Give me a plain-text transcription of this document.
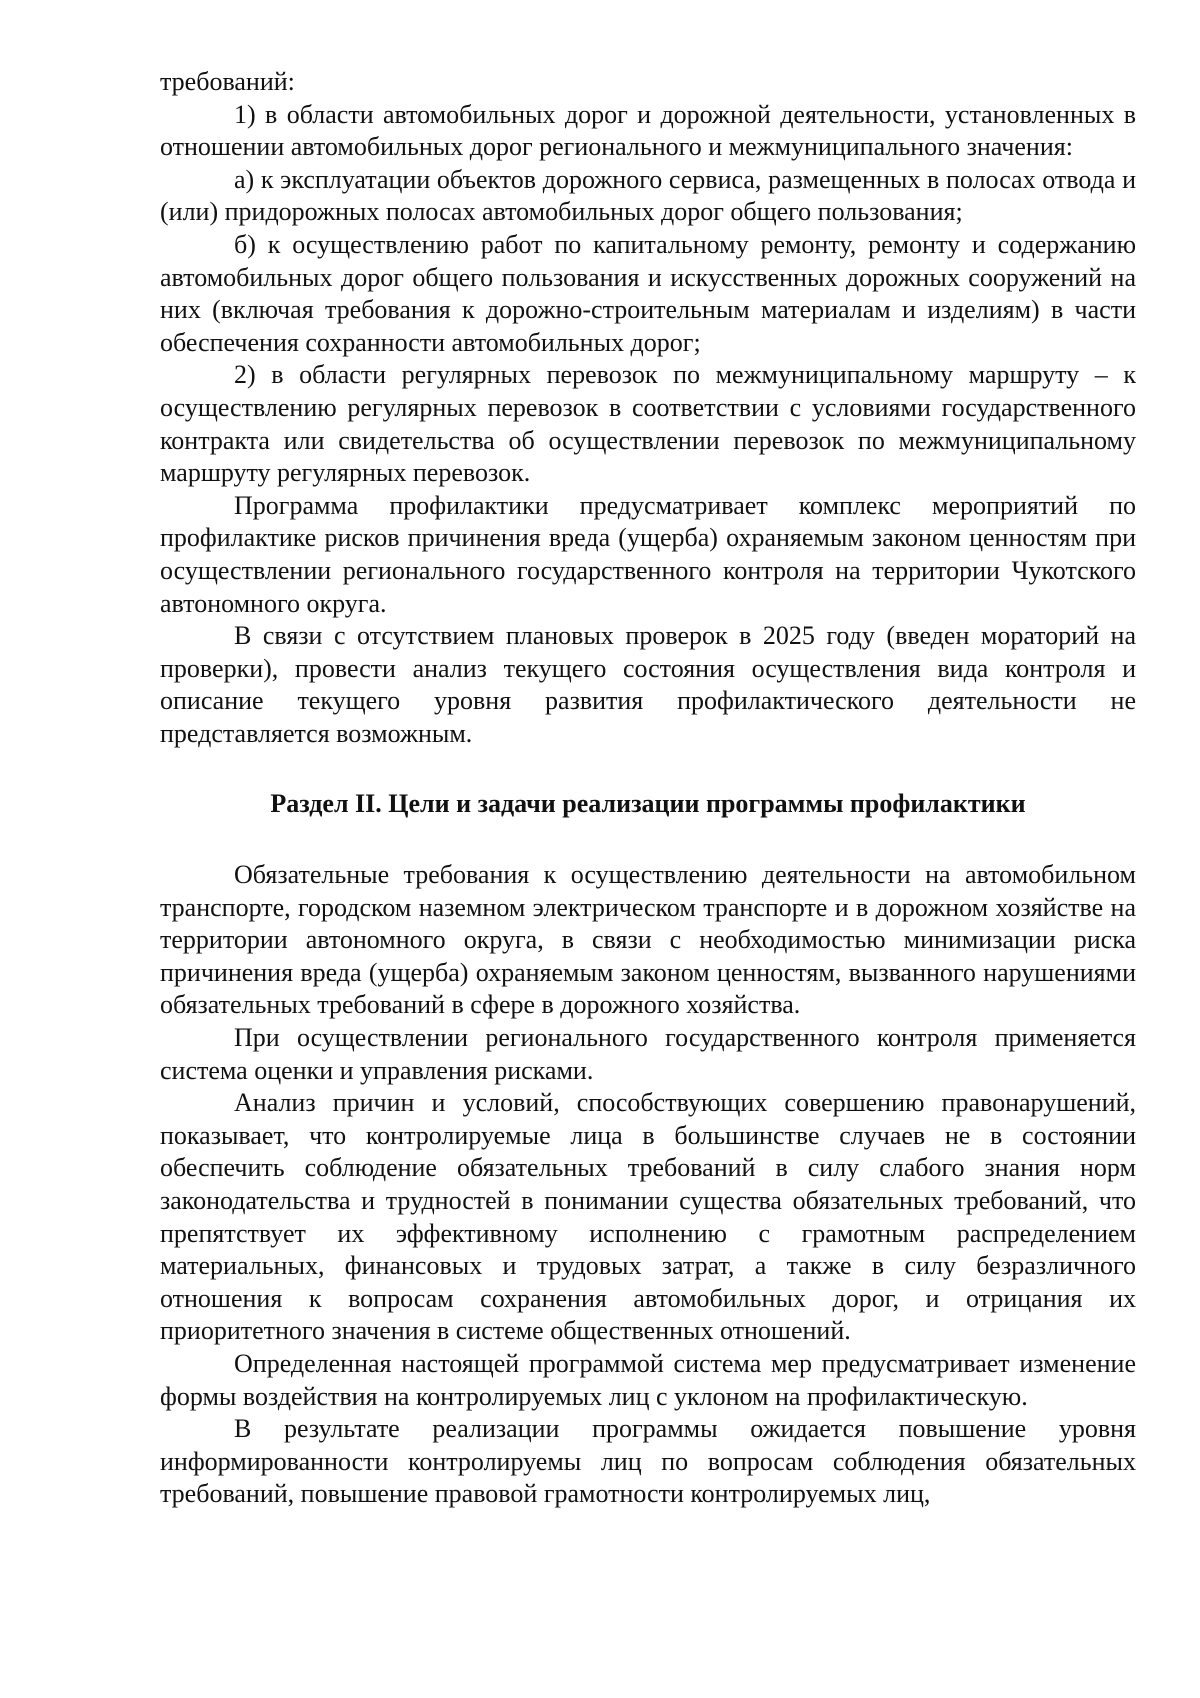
требований:

1) в области автомобильных дорог и дорожной деятельности, установленных в отношении автомобильных дорог регионального и межмуниципального значения:

а) к эксплуатации объектов дорожного сервиса, размещенных в полосах отвода и (или) придорожных полосах автомобильных дорог общего пользования;

б) к осуществлению работ по капитальному ремонту, ремонту и содержанию автомобильных дорог общего пользования и искусственных дорожных сооружений на них (включая требования к дорожно-строительным материалам и изделиям) в части обеспечения сохранности автомобильных дорог;

2) в области регулярных перевозок по межмуниципальному маршруту – к осуществлению регулярных перевозок в соответствии с условиями государственного контракта или свидетельства об осуществлении перевозок по межмуниципальному маршруту регулярных перевозок.

Программа профилактики предусматривает комплекс мероприятий по профилактике рисков причинения вреда (ущерба) охраняемым законом ценностям при осуществлении регионального государственного контроля на территории Чукотского автономного округа.

В связи с отсутствием плановых проверок в 2025 году (введен мораторий на проверки), провести анализ текущего состояния осуществления вида контроля и описание текущего уровня развития профилактического деятельности не представляется возможным.

Раздел II. Цели и задачи реализации программы профилактики

Обязательные требования к осуществлению деятельности на автомобильном транспорте, городском наземном электрическом транспорте и в дорожном хозяйстве на территории автономного округа, в связи с необходимостью минимизации риска причинения вреда (ущерба) охраняемым законом ценностям, вызванного нарушениями обязательных требований в сфере в дорожного хозяйства.

При осуществлении регионального государственного контроля применяется система оценки и управления рисками.

Анализ причин и условий, способствующих совершению правонарушений, показывает, что контролируемые лица в большинстве случаев не в состоянии обеспечить соблюдение обязательных требований в силу слабого знания норм законодательства и трудностей в понимании существа обязательных требований, что препятствует их эффективному исполнению с грамотным распределением материальных, финансовых и трудовых затрат, а также в силу безразличного отношения к вопросам сохранения автомобильных дорог, и отрицания их приоритетного значения в системе общественных отношений.

Определенная настоящей программой система мер предусматривает изменение формы воздействия на контролируемых лиц с уклоном на профилактическую.

В результате реализации программы ожидается повышение уровня информированности контролируемы лиц по вопросам соблюдения обязательных требований, повышение правовой грамотности контролируемых лиц,
